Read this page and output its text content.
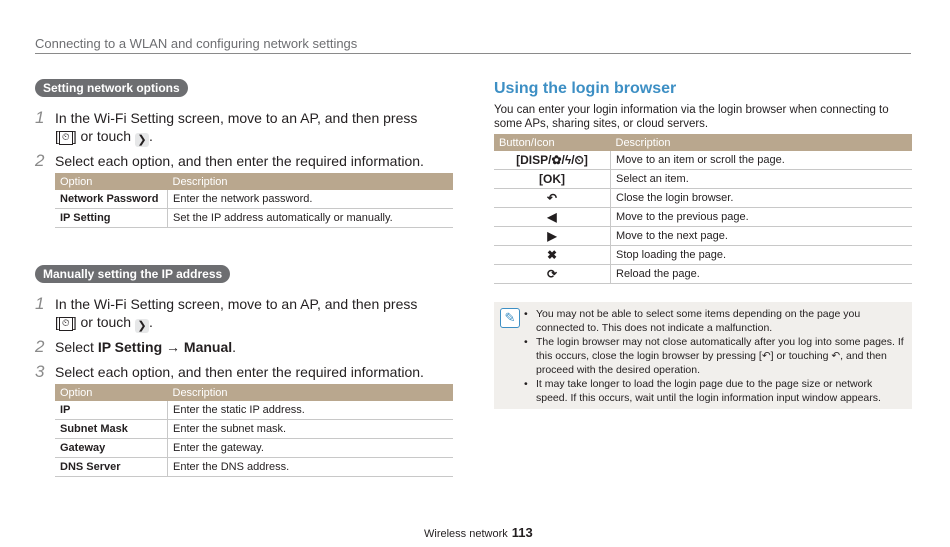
Connecting to a WLAN and configuring network settings
Setting network options
1 In the Wi-Fi Setting screen, move to an AP, and then press
[ ⏲ ] or touch ❯ .
2 Select each option, and then enter the required information.
Option	Description
Network Password	Enter the network password.
IP Setting	Set the IP address automatically or manually.
Manually setting the IP address
1 In the Wi-Fi Setting screen, move to an AP, and then press
[ ⏲ ] or touch ❯ .
2 Select IP Setting → Manual.
3 Select each option, and then enter the required information.
Option	Description
IP	Enter the static IP address.
Subnet Mask	Enter the subnet mask.
Gateway	Enter the gateway.
DNS Server	Enter the DNS address.
Using the login browser
You can enter your login information via the login browser when connecting to some APs, sharing sites, or cloud servers.
Button/Icon	Description
[DISP/✿/ϟ/⏲]	Move to an item or scroll the page.
[OK]	Select an item.
↶	Close the login browser.
◀	Move to the previous page.
▶	Move to the next page.
✖	Stop loading the page.
⟳	Reload the page.
✎	• You may not be able to select some items depending on the page you connected to. This does not indicate a malfunction.
• The login browser may not close automatically after you log into some pages. If this occurs, close the login browser by pressing [↶] or touching ↶, and then proceed with the desired operation.
• It may take longer to load the login page due to the page size or network speed. If this occurs, wait until the login information input window appears.
Wireless network 113
